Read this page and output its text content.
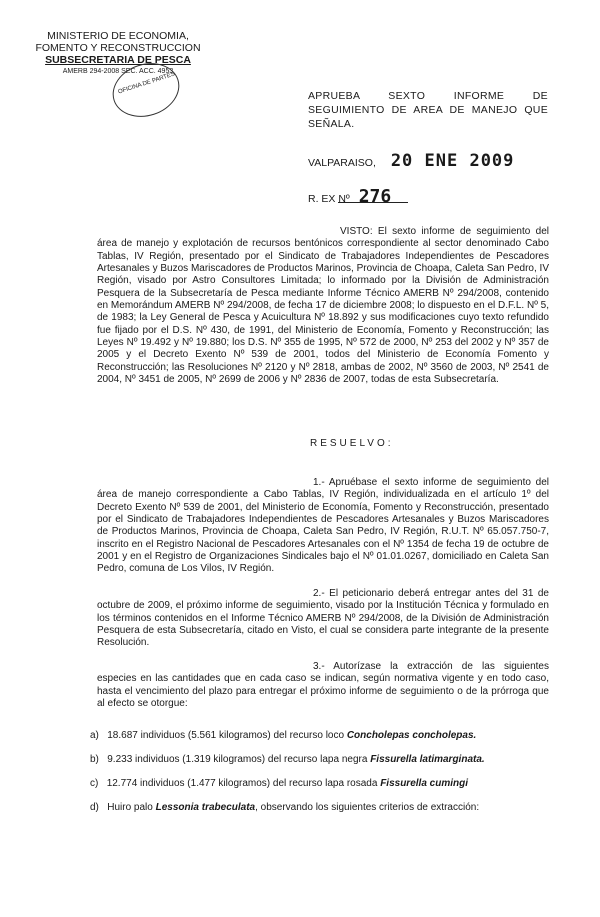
MINISTERIO DE ECONOMIA,
FOMENTO Y RECONSTRUCCION
SUBSECRETARIA DE PESCA
AMERB 294-2008 SEC. ACC. 4953
OFICINA DE PARTES
APRUEBA SEXTO INFORME DE SEGUIMIENTO DE AREA DE MANEJO QUE SEÑALA.
VALPARAISO, 20 ENE 2009
R. EX Nº 276
VISTO: El sexto informe de seguimiento del área de manejo y explotación de recursos bentónicos correspondiente al sector denominado Cabo Tablas, IV Región, presentado por el Sindicato de Trabajadores Independientes de Pescadores Artesanales y Buzos Mariscadores de Productos Marinos, Provincia de Choapa, Caleta San Pedro, IV Región, visado por Astro Consultores Limitada; lo informado por la División de Administración Pesquera de la Subsecretaría de Pesca mediante Informe Técnico AMERB Nº 294/2008, contenido en Memorándum AMERB Nº 294/2008, de fecha 17 de diciembre 2008; lo dispuesto en el D.F.L. Nº 5, de 1983; la Ley General de Pesca y Acuicultura Nº 18.892 y sus modificaciones cuyo texto refundido fue fijado por el D.S. Nº 430, de 1991, del Ministerio de Economía, Fomento y Reconstrucción; las Leyes Nº 19.492 y Nº 19.880; los D.S. Nº 355 de 1995, Nº 572 de 2000, Nº 253 del 2002 y Nº 357 de 2005 y el Decreto Exento Nº 539 de 2001, todos del Ministerio de Economía Fomento y Reconstrucción; las Resoluciones Nº 2120 y Nº 2818, ambas de 2002, Nº 3560 de 2003, Nº 2541 de 2004, Nº 3451 de 2005, Nº 2699 de 2006 y Nº 2836 de 2007, todas de esta Subsecretaría.
RESUELVO:
1.- Apruébase el sexto informe de seguimiento del área de manejo correspondiente a Cabo Tablas, IV Región, individualizada en el artículo 1º del Decreto Exento Nº 539 de 2001, del Ministerio de Economía, Fomento y Reconstrucción, presentado por el Sindicato de Trabajadores Independientes de Pescadores Artesanales y Buzos Mariscadores de Productos Marinos, Provincia de Choapa, Caleta San Pedro, IV Región, R.U.T. Nº 65.057.750-7, inscrito en el Registro Nacional de Pescadores Artesanales con el Nº 1354 de fecha 19 de octubre de 2001 y en el Registro de Organizaciones Sindicales bajo el Nº 01.01.0267, domiciliado en Caleta San Pedro, comuna de Los Vilos, IV Región.
2.- El peticionario deberá entregar antes del 31 de octubre de 2009, el próximo informe de seguimiento, visado por la Institución Técnica y formulado en los términos contenidos en el Informe Técnico AMERB Nº 294/2008, de la División de Administración Pesquera de esta Subsecretaría, citado en Visto, el cual se considera parte integrante de la presente Resolución.
3.- Autorízase la extracción de las siguientes especies en las cantidades que en cada caso se indican, según normativa vigente y en todo caso, hasta el vencimiento del plazo para entregar el próximo informe de seguimiento o de la prórroga que al efecto se otorgue:
a) 18.687 individuos (5.561 kilogramos) del recurso loco Concholepas concholepas.
b) 9.233 individuos (1.319 kilogramos) del recurso lapa negra Fissurella latimarginata.
c) 12.774 individuos (1.477 kilogramos) del recurso lapa rosada Fissurella cumingi
d) Huiro palo Lessonia trabeculata, observando los siguientes criterios de extracción:
